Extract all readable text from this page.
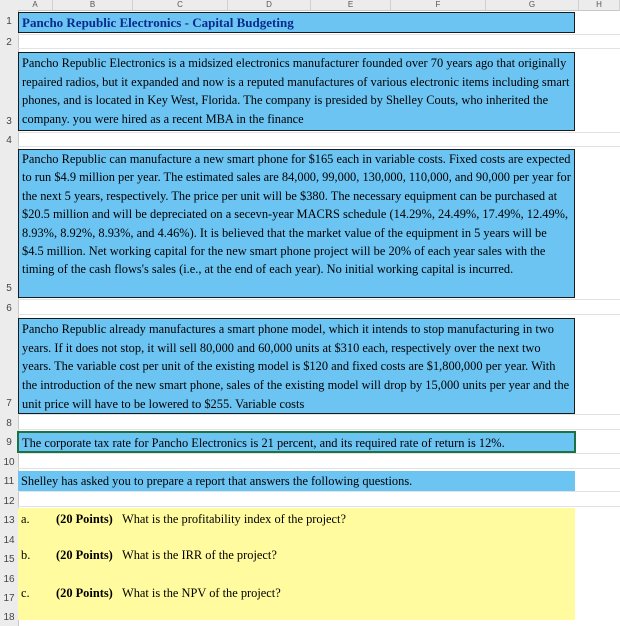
A	B	C	D	E	F	G	H
1
2
3
4
5
6
7
8
9
10
11
12
13
14
15
16
17
18
Pancho Republic Electronics - Capital Budgeting
Pancho Republic Electronics is a midsized electronics manufacturer founded over 70 years ago that originally repaired radios, but it expanded and now is a reputed manufactures of various electronic items including smart phones, and is located in Key West, Florida. The company is presided by Shelley Couts, who inherited the company. you were hired as a recent MBA in the finance
Pancho Republic can manufacture a new smart phone for $165 each in variable costs. Fixed costs are expected to run $4.9 million per year. The estimated sales are 84,000, 99,000, 130,000, 110,000, and 90,000 per year for the next 5 years, respectively. The price per unit will be $380. The necessary equipment can be purchased at $20.5 million and will be depreciated on a secevn-year MACRS schedule (14.29%, 24.49%, 17.49%, 12.49%, 8.93%, 8.92%, 8.93%, and 4.46%). It is believed that the market value of the equipment in 5 years will be $4.5 million. Net working capital for the new smart phone project will be 20% of each year sales with the timing of the cash flows's sales (i.e., at the end of each year). No initial working capital is incurred.
Pancho Republic already manufactures a smart phone model, which it intends to stop manufacturing in two years. If it does not stop, it will sell 80,000 and 60,000 units at $310 each, respectively over the next two years. The variable cost per unit of the existing model is $120 and fixed costs are $1,800,000 per year. With the introduction of the new smart phone, sales of the existing model will drop by 15,000 units per year and the unit price will have to be lowered to $255. Variable costs
The corporate tax rate for Pancho Electronics is 21 percent, and its required rate of return is 12%.
Shelley has asked you to prepare a report that answers the following questions.
a. (20 Points) What is the profitability index of the project?
b. (20 Points) What is the IRR of the project?
c. (20 Points) What is the NPV of the project?
